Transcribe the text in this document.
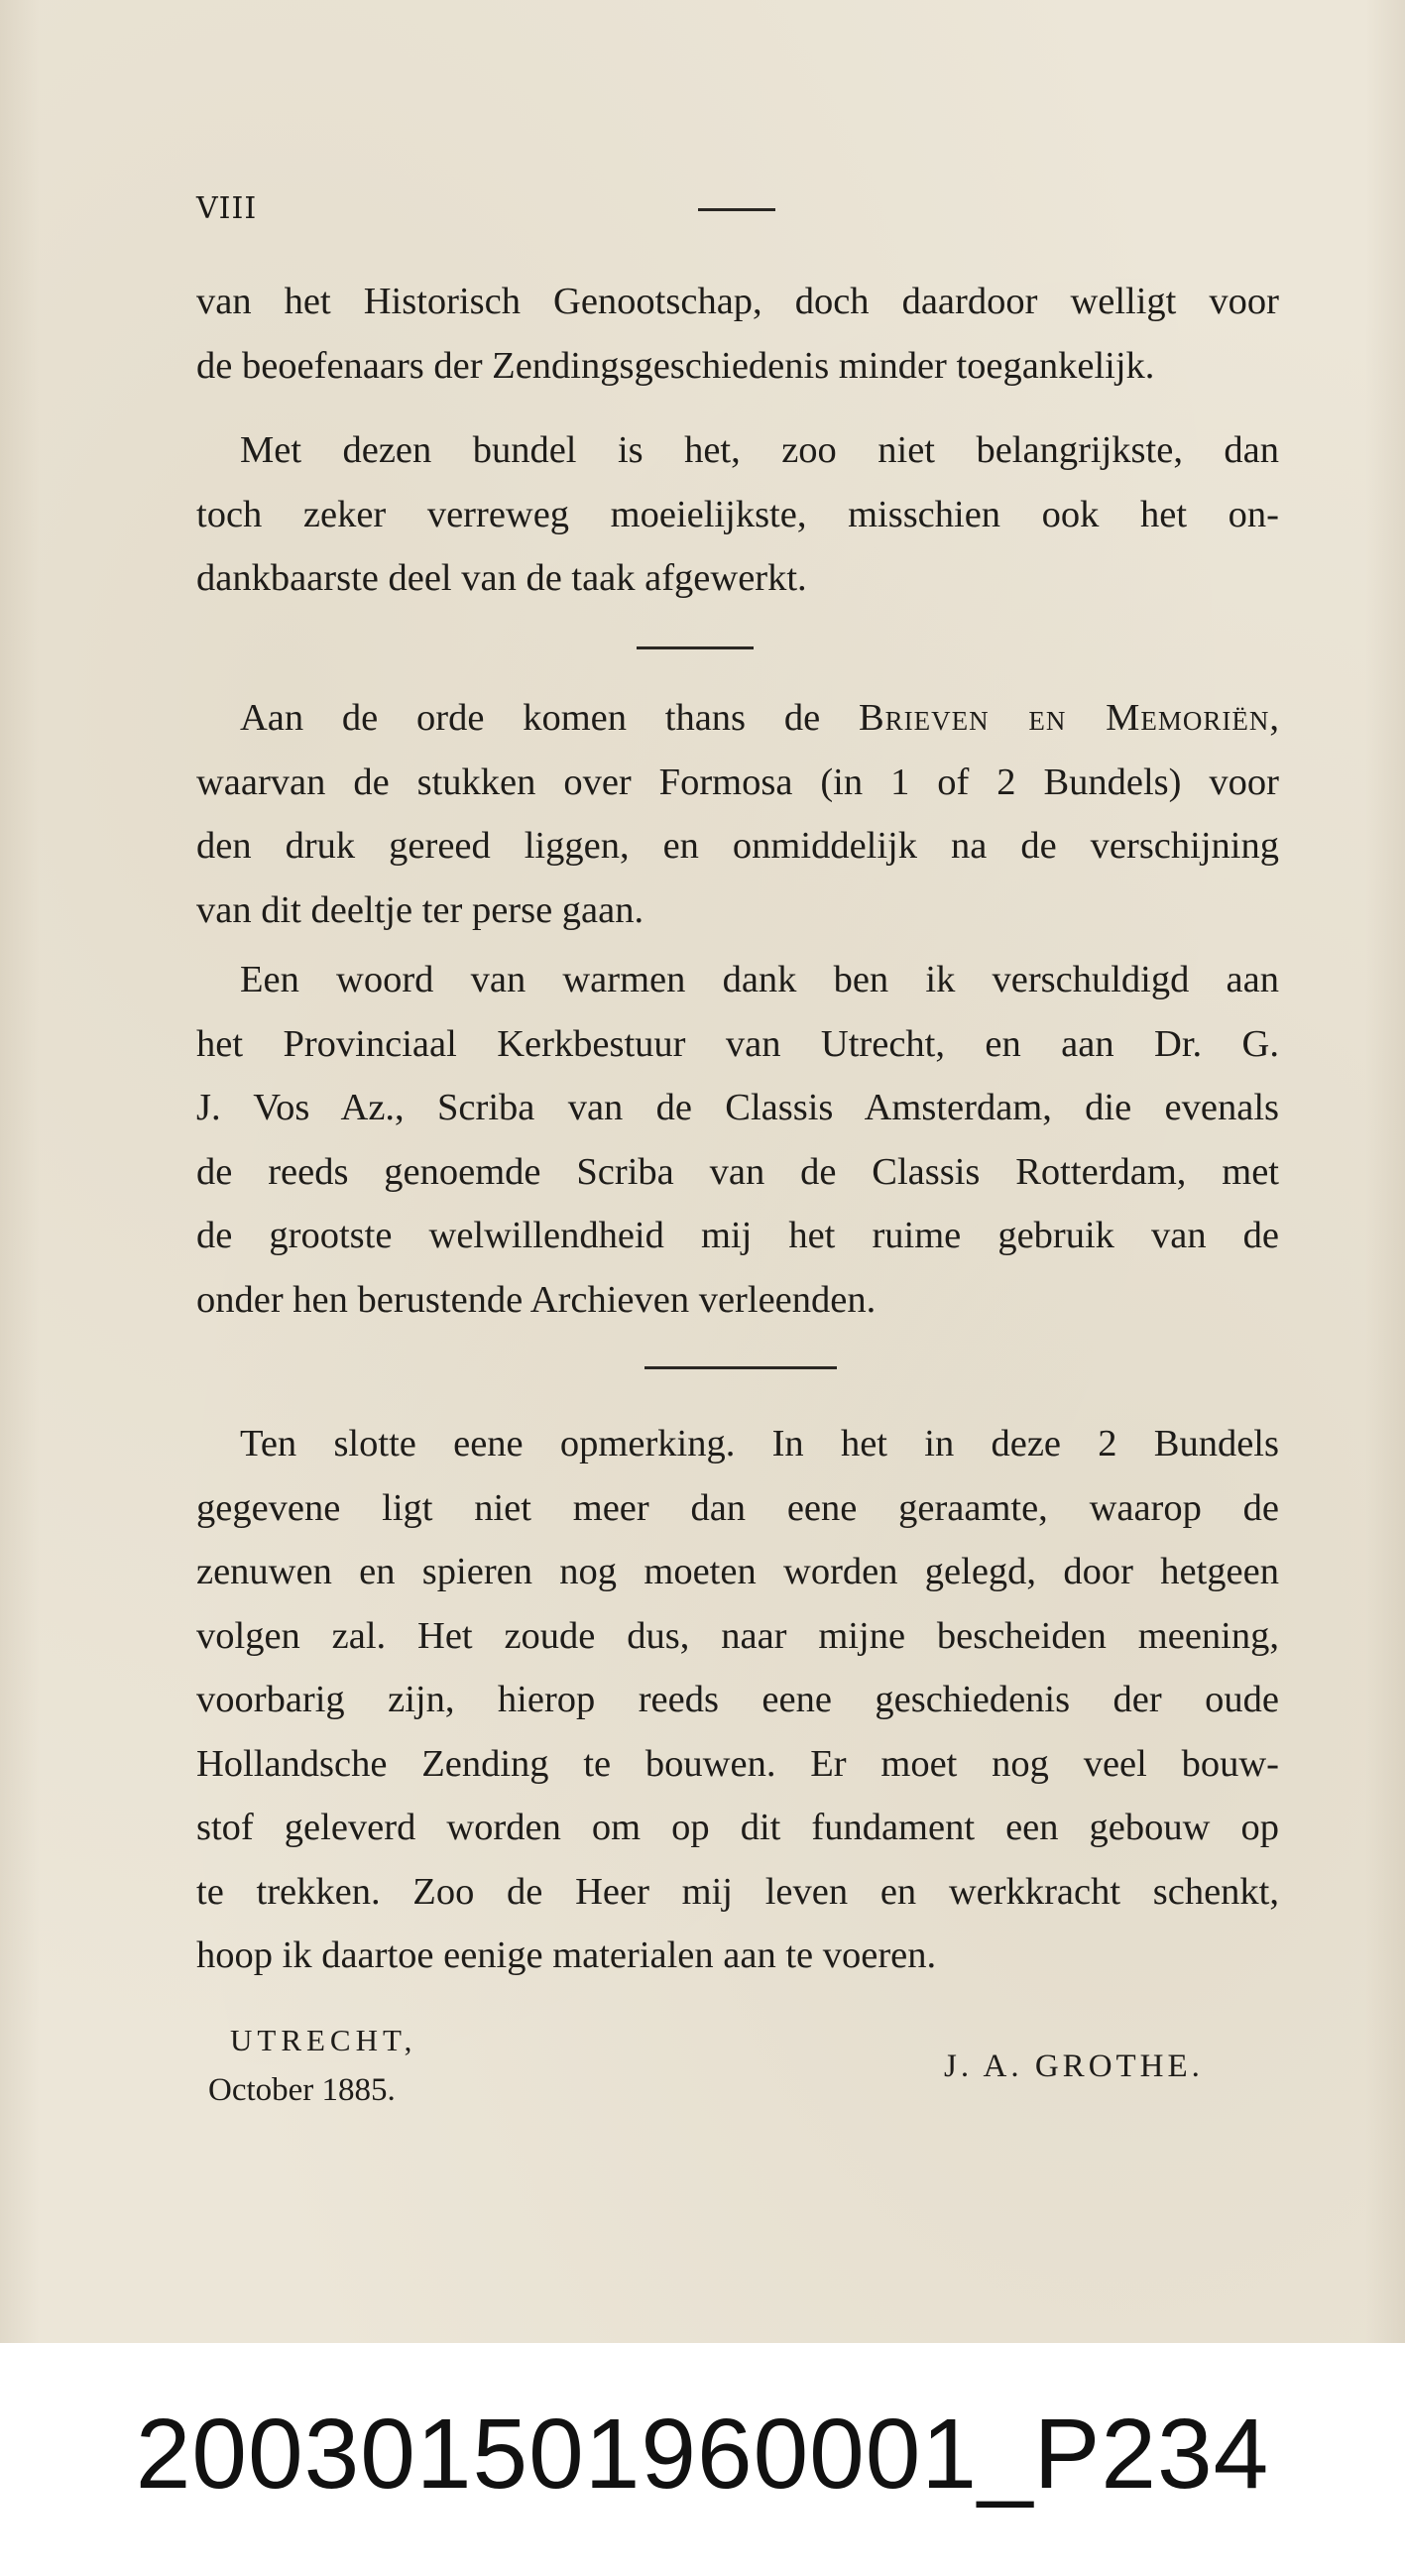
VIII
van het Historisch Genootschap, doch daardoor welligt voor
de beoefenaars der Zendingsgeschiedenis minder toegankelijk.
Met dezen bundel is het, zoo niet belangrijkste, dan
toch zeker verreweg moeielijkste, misschien ook het on-
dankbaarste deel van de taak afgewerkt.
Aan de orde komen thans de Brieven en Memoriën,
waarvan de stukken over Formosa (in 1 of 2 Bundels) voor
den druk gereed liggen, en onmiddelijk na de verschijning
van dit deeltje ter perse gaan.
Een woord van warmen dank ben ik verschuldigd aan
het Provinciaal Kerkbestuur van Utrecht, en aan Dr. G.
J. Vos Az., Scriba van de Classis Amsterdam, die evenals
de reeds genoemde Scriba van de Classis Rotterdam, met
de grootste welwillendheid mij het ruime gebruik van de
onder hen berustende Archieven verleenden.
Ten slotte eene opmerking. In het in deze 2 Bundels
gegevene ligt niet meer dan eene geraamte, waarop de
zenuwen en spieren nog moeten worden gelegd, door hetgeen
volgen zal. Het zoude dus, naar mijne bescheiden meening,
voorbarig zijn, hierop reeds eene geschiedenis der oude
Hollandsche Zending te bouwen. Er moet nog veel bouw-
stof geleverd worden om op dit fundament een gebouw op
te trekken. Zoo de Heer mij leven en werkkracht schenkt,
hoop ik daartoe eenige materialen aan te voeren.
UTRECHT,
October 1885.
J. A. GROTHE.
20030150196000‌1_P234
